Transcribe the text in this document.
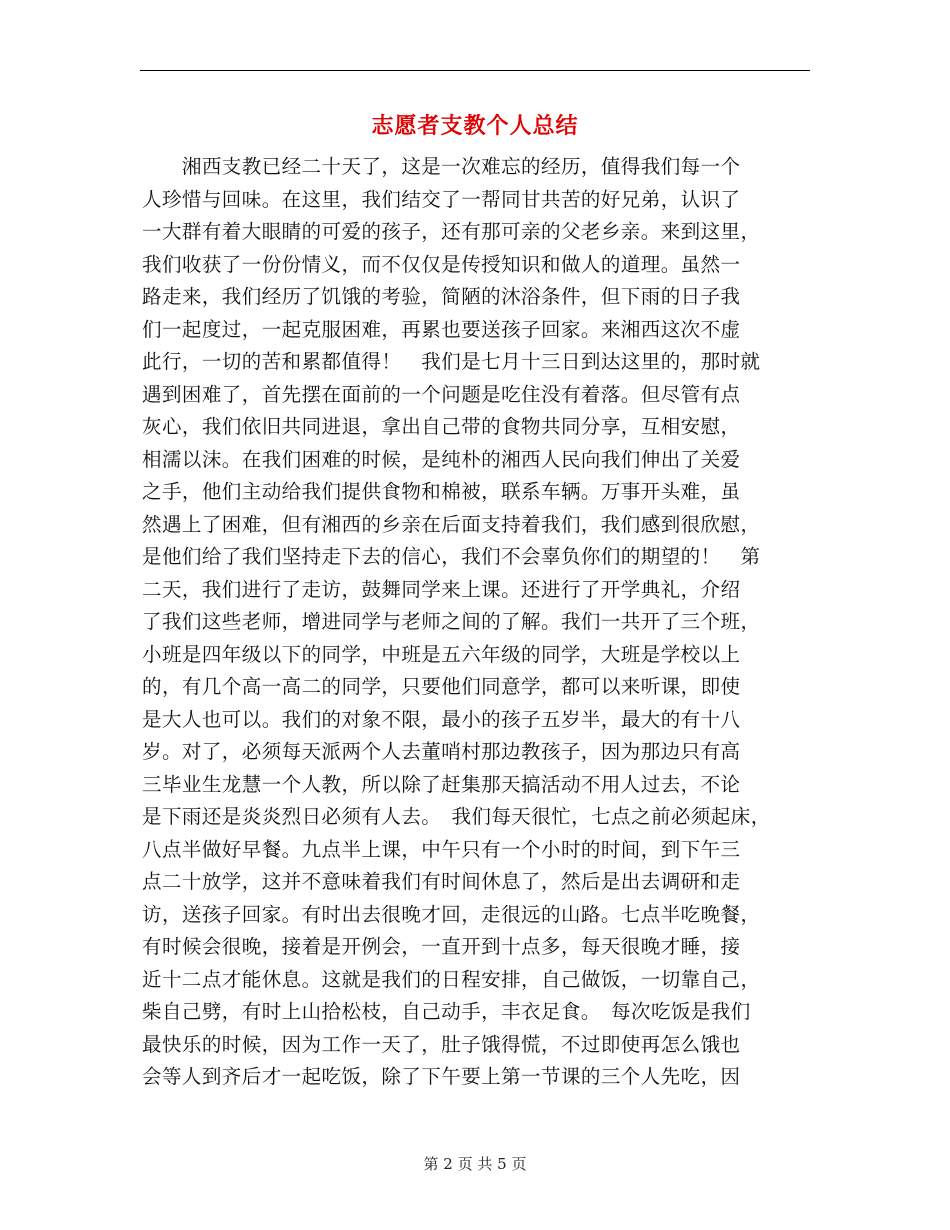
志愿者支教个人总结
　　湘西支教已经二十天了，这是一次难忘的经历，值得我们每一个
人珍惜与回味。在这里，我们结交了一帮同甘共苦的好兄弟，认识了
一大群有着大眼睛的可爱的孩子，还有那可亲的父老乡亲。来到这里，
我们收获了一份份情义，而不仅仅是传授知识和做人的道理。虽然一
路走来，我们经历了饥饿的考验，简陋的沐浴条件，但下雨的日子我
们一起度过，一起克服困难，再累也要送孩子回家。来湘西这次不虚
此行，一切的苦和累都值得！　我们是七月十三日到达这里的，那时就
遇到困难了，首先摆在面前的一个问题是吃住没有着落。但尽管有点
灰心，我们依旧共同进退，拿出自己带的食物共同分享，互相安慰，
相濡以沫。在我们困难的时候，是纯朴的湘西人民向我们伸出了关爱
之手，他们主动给我们提供食物和棉被，联系车辆。万事开头难，虽
然遇上了困难，但有湘西的乡亲在后面支持着我们，我们感到很欣慰，
是他们给了我们坚持走下去的信心，我们不会辜负你们的期望的！　第
二天，我们进行了走访，鼓舞同学来上课。还进行了开学典礼，介绍
了我们这些老师，增进同学与老师之间的了解。我们一共开了三个班，
小班是四年级以下的同学，中班是五六年级的同学，大班是学校以上
的，有几个高一高二的同学，只要他们同意学，都可以来听课，即使
是大人也可以。我们的对象不限，最小的孩子五岁半，最大的有十八
岁。对了，必须每天派两个人去董哨村那边教孩子，因为那边只有高
三毕业生龙慧一个人教，所以除了赶集那天搞活动不用人过去，不论
是下雨还是炎炎烈日必须有人去。　我们每天很忙，七点之前必须起床，
八点半做好早餐。九点半上课，中午只有一个小时的时间，到下午三
点二十放学，这并不意味着我们有时间休息了，然后是出去调研和走
访，送孩子回家。有时出去很晚才回，走很远的山路。七点半吃晚餐，
有时候会很晚，接着是开例会，一直开到十点多，每天很晚才睡，接
近十二点才能休息。这就是我们的日程安排，自己做饭，一切靠自己，
柴自己劈，有时上山拾松枝，自己动手，丰衣足食。　每次吃饭是我们
最快乐的时候，因为工作一天了，肚子饿得慌，不过即使再怎么饿也
会等人到齐后才一起吃饭，除了下午要上第一节课的三个人先吃，因
第 2 页 共 5 页
